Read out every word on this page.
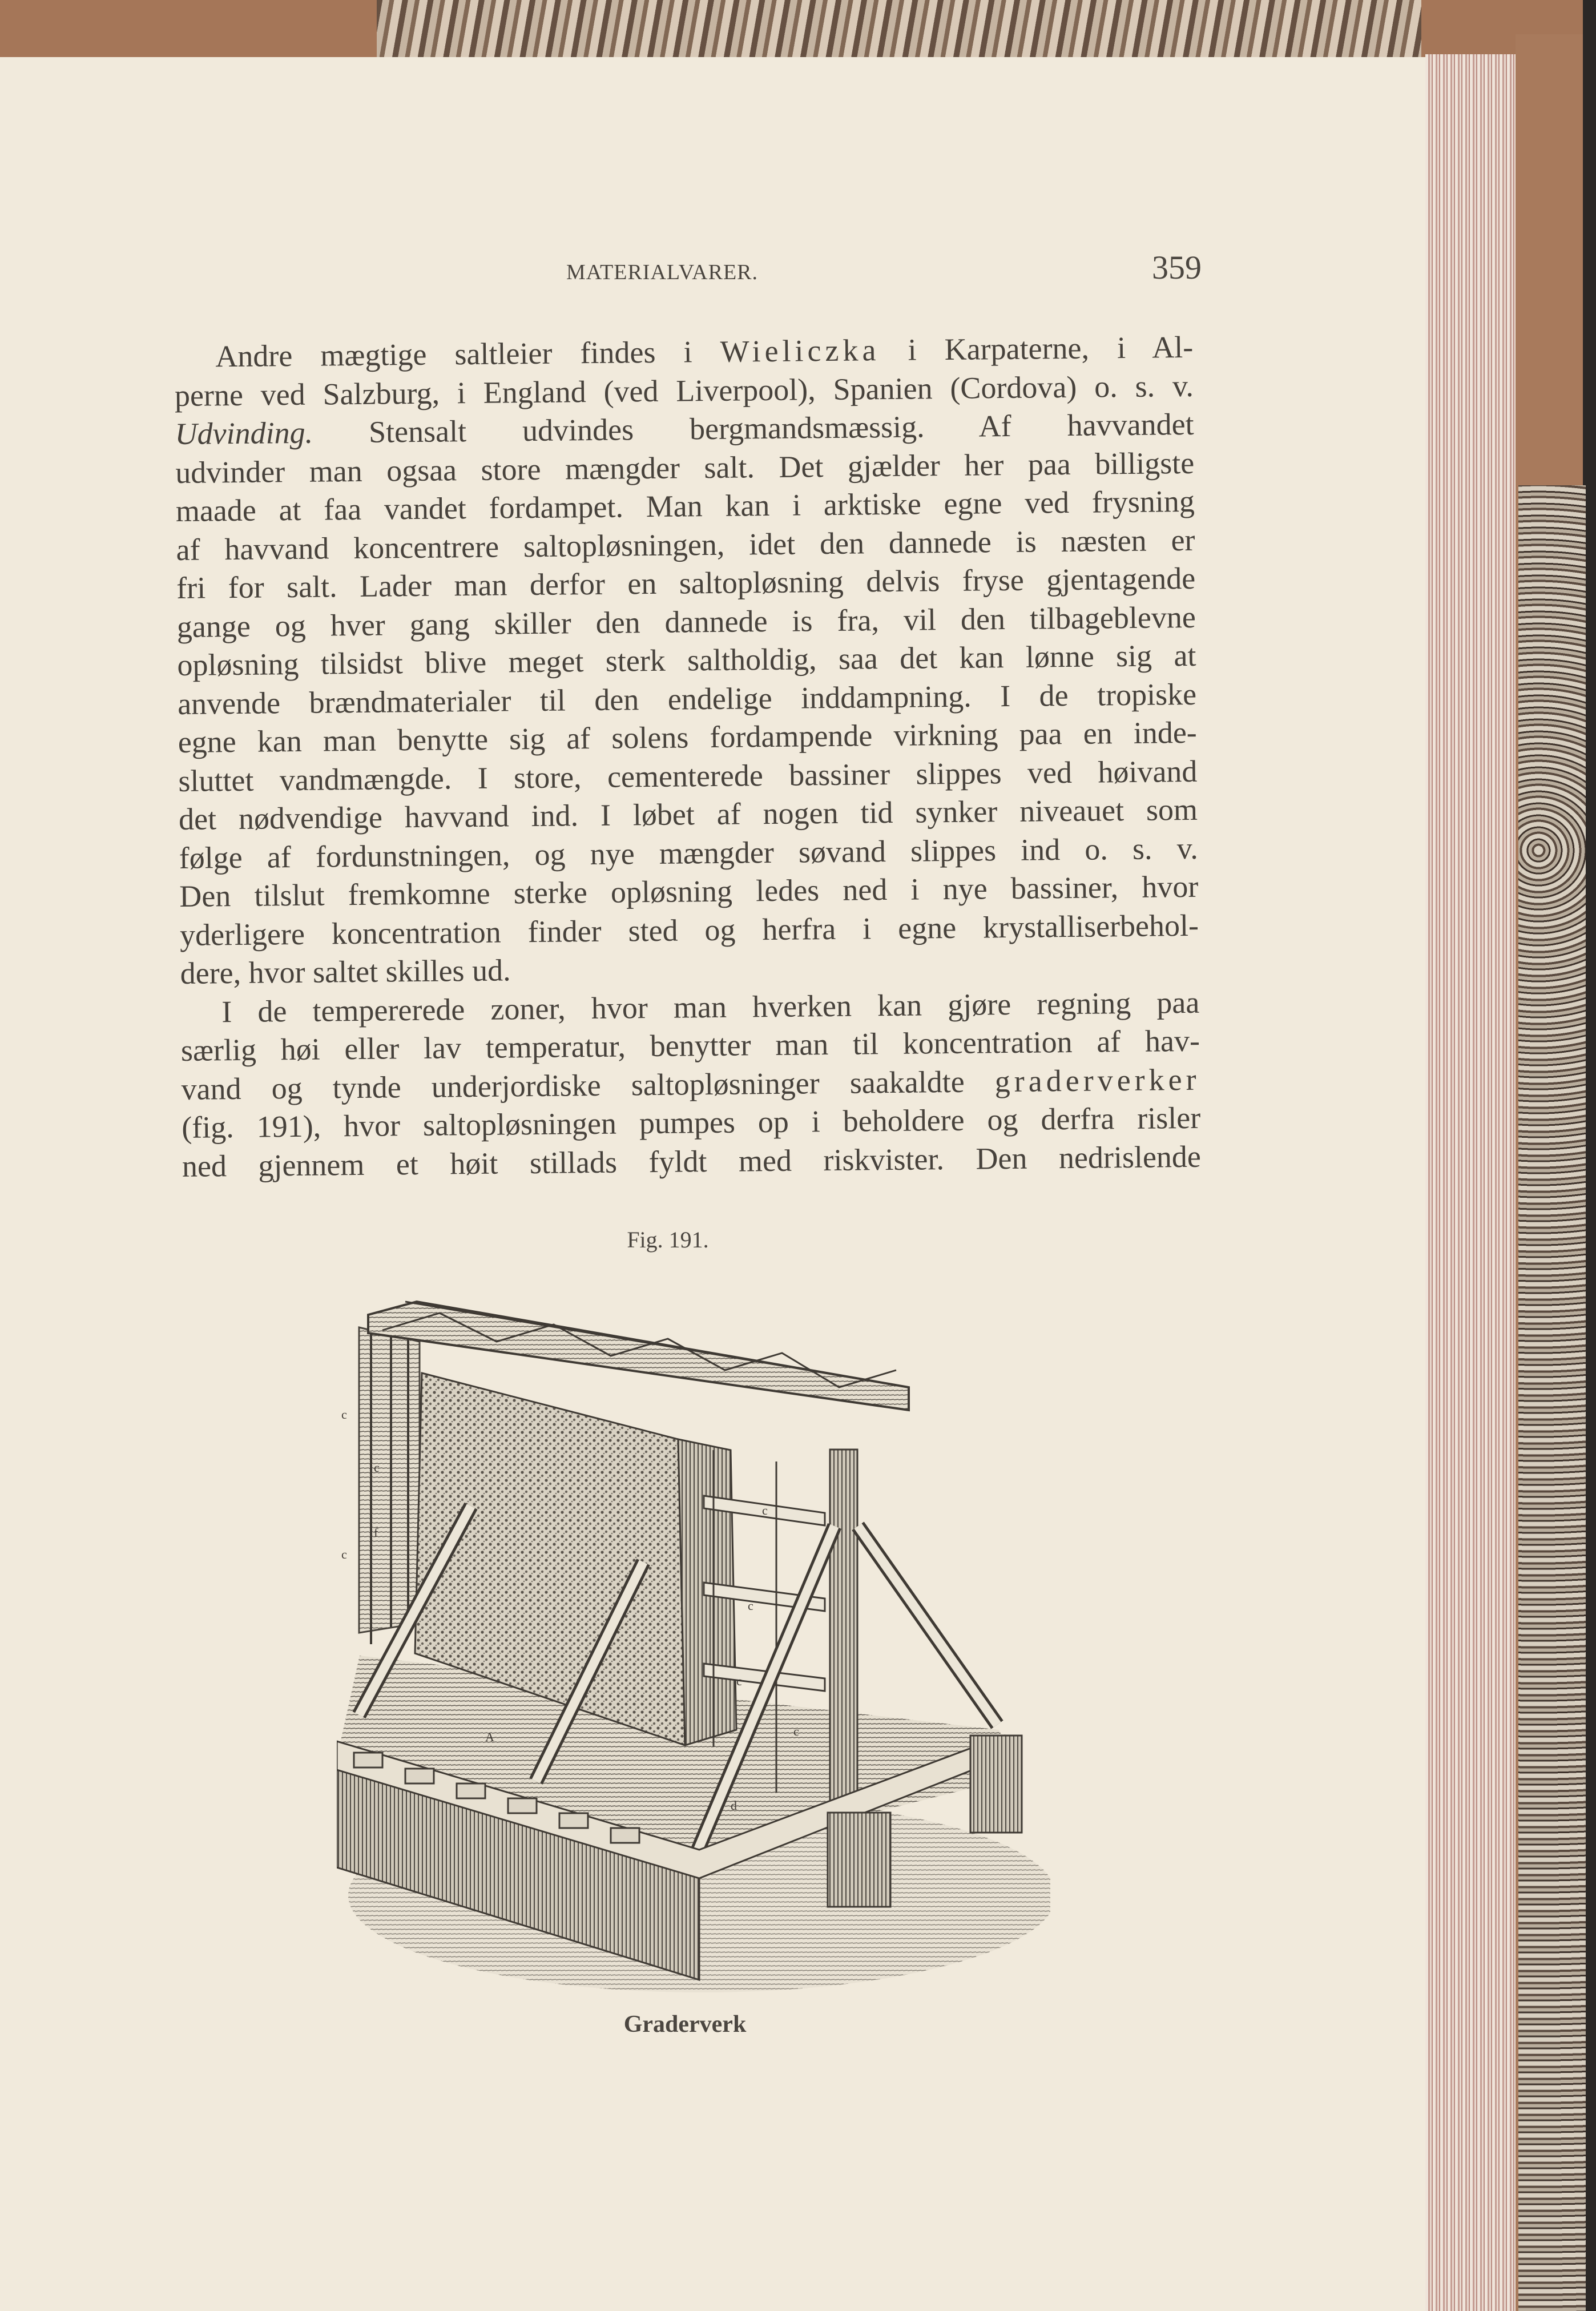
MATERIALVARER.	359
Andre mægtige saltleier findes i Wieliczka i Karpaterne, i Al-
perne ved Salzburg, i England (ved Liverpool), Spanien (Cordova) o. s. v.
Udvinding. Stensalt udvindes bergmandsmæssig. Af havvandet
udvinder man ogsaa store mængder salt. Det gjælder her paa billigste
maade at faa vandet fordampet. Man kan i arktiske egne ved frysning
af havvand koncentrere saltopløsningen, idet den dannede is næsten er
fri for salt. Lader man derfor en saltopløsning delvis fryse gjentagende
gange og hver gang skiller den dannede is fra, vil den tilbageblevne
opløsning tilsidst blive meget sterk saltholdig, saa det kan lønne sig at
anvende brændmaterialer til den endelige inddampning. I de tropiske
egne kan man benytte sig af solens fordampende virkning paa en inde-
sluttet vandmængde. I store, cementerede bassiner slippes ved høivand
det nødvendige havvand ind. I løbet af nogen tid synker niveauet som
følge af fordunstningen, og nye mængder søvand slippes ind o. s. v.
Den tilslut fremkomne sterke opløsning ledes ned i nye bassiner, hvor
yderligere koncentration finder sted og herfra i egne krystalliserbehol-
dere, hvor saltet skilles ud.
I de tempererede zoner, hvor man hverken kan gjøre regning paa
særlig høi eller lav temperatur, benytter man til koncentration af hav-
vand og tynde underjordiske saltopløsninger saakaldte graderverker
(fig. 191), hvor saltopløsningen pumpes op i beholdere og derfra risler
ned gjennem et høit stillads fyldt med riskvister. Den nedrislende
Fig. 191.
c
c
f
c
c
c
c
c
d
A
Graderverk
